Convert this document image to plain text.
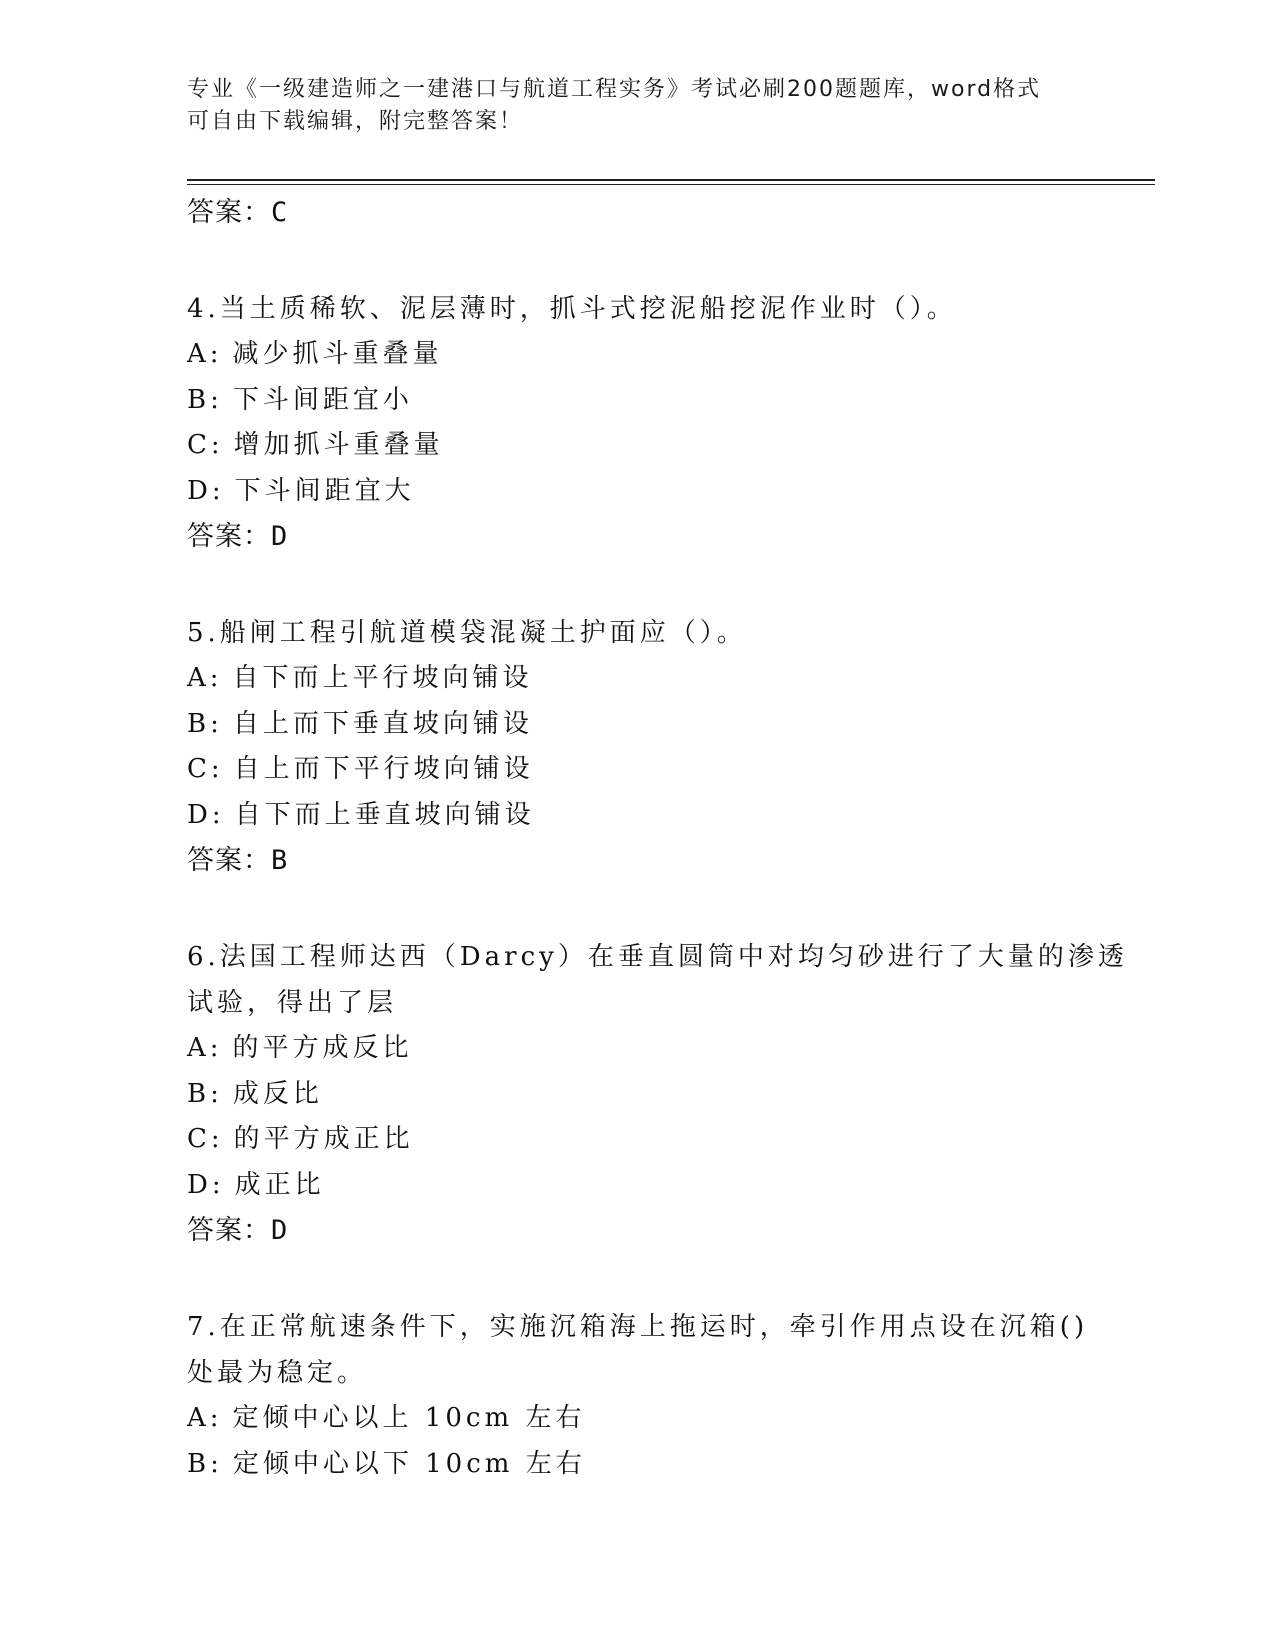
专业《一级建造师之一建港口与航道工程实务》考试必刷200题题库，word格式
可自由下载编辑，附完整答案！
答案：C
4.当土质稀软、泥层薄时，抓斗式挖泥船挖泥作业时（）。
A: 减少抓斗重叠量
B: 下斗间距宜小
C: 增加抓斗重叠量
D: 下斗间距宜大
答案：D
5.船闸工程引航道模袋混凝土护面应（）。
A: 自下而上平行坡向铺设
B: 自上而下垂直坡向铺设
C: 自上而下平行坡向铺设
D: 自下而上垂直坡向铺设
答案：B
6.法国工程师达西（Darcy）在垂直圆筒中对均匀砂进行了大量的渗透
试验，得出了层
A: 的平方成反比
B: 成反比
C: 的平方成正比
D: 成正比
答案：D
7.在正常航速条件下，实施沉箱海上拖运时，牵引作用点设在沉箱()
处最为稳定。
A: 定倾中心以上 10cm 左右
B: 定倾中心以下 10cm 左右
